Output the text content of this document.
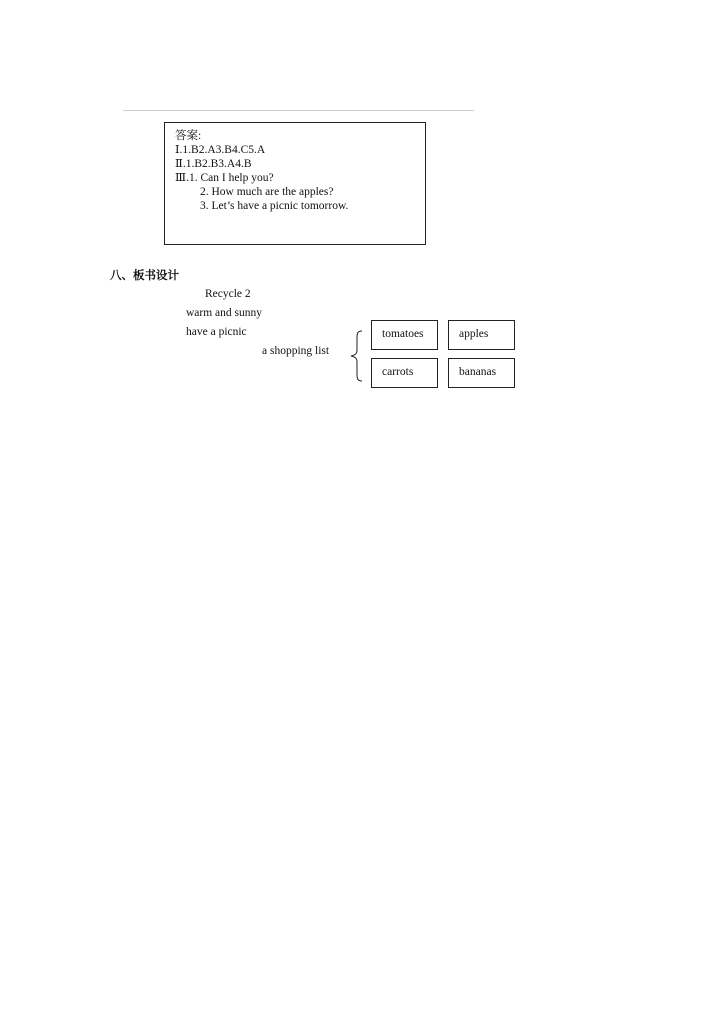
答案:
Ⅰ.1.B2.A3.B4.C5.A
Ⅱ.1.B2.B3.A4.B
Ⅲ.1. Can I help you?
2. How much are the apples?
3. Let’s have a picnic tomorrow.
八、板书设计
Recycle 2
warm and sunny
have a picnic
a shopping list
tomatoes	apples
carrots	bananas
